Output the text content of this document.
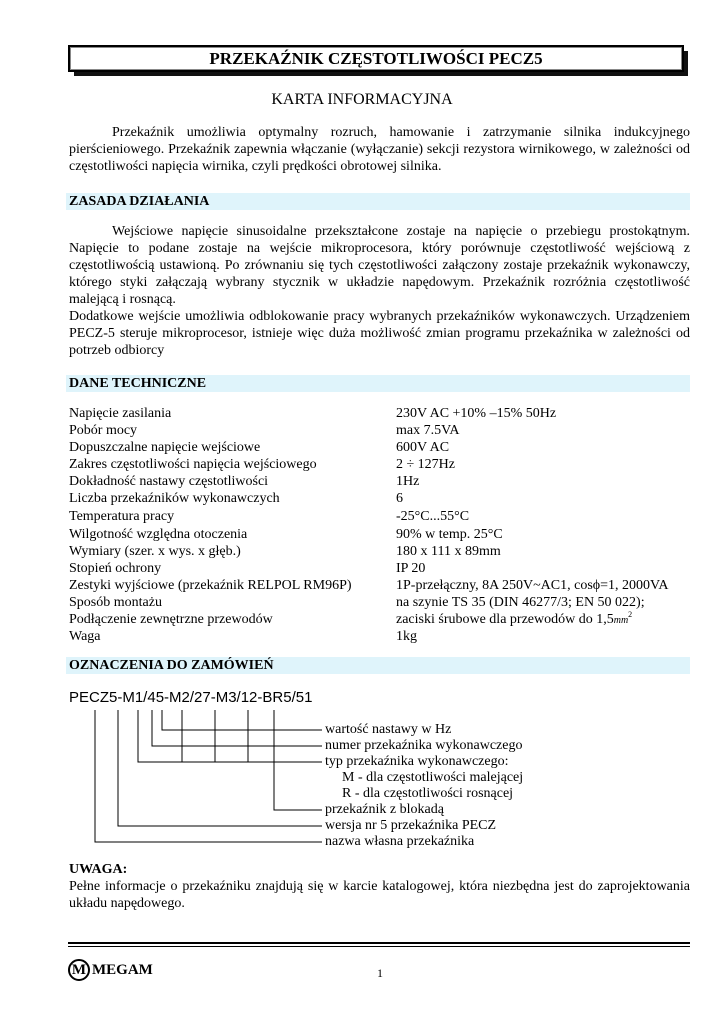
PRZEKAŹNIK CZĘSTOTLIWOŚCI PECZ5
KARTA INFORMACYJNA

Przekaźnik umożliwia optymalny rozruch, hamowanie i zatrzymanie silnika indukcyjnego pierścieniowego. Przekaźnik zapewnia włączanie (wyłączanie) sekcji rezystora wirnikowego, w zależności od częstotliwości napięcia wirnika, czyli prędkości obrotowej silnika.

ZASADA DZIAŁANIA

Wejściowe napięcie sinusoidalne przekształcone zostaje na napięcie o przebiegu prostokątnym. Napięcie to podane zostaje na wejście mikroprocesora, który porównuje częstotliwość wejściową z częstotliwością ustawioną. Po zrównaniu się tych częstotliwości załączony zostaje przekaźnik wykonawczy, którego styki załączają wybrany stycznik w układzie napędowym. Przekaźnik rozróżnia częstotliwość malejącą i rosnącą.

Dodatkowe wejście umożliwia odblokowanie pracy wybranych przekaźników wykonawczych. Urządzeniem PECZ-5 steruje mikroprocesor, istnieje więc duża możliwość zmian programu przekaźnika w zależności od potrzeb odbiorcy

DANE TECHNICZNE
Napięcie zasilania	230V AC +10% –15% 50Hz
Pobór mocy	max 7.5VA
Dopuszczalne napięcie wejściowe	600V AC
Zakres częstotliwości napięcia wejściowego	2 ÷ 127Hz
Dokładność nastawy częstotliwości	1Hz
Liczba przekaźników wykonawczych	6
Temperatura pracy	-25°C...55°C
Wilgotność względna otoczenia	90% w temp. 25°C
Wymiary (szer. x wys. x głęb.)	180 x 111 x 89mm
Stopień ochrony	IP 20
Zestyki wyjściowe (przekaźnik RELPOL RM96P)	1P-przełączny, 8A 250V~AC1, cosϕ=1, 2000VA
Sposób montażu	na szynie TS 35 (DIN 46277/3; EN 50 022);
Podłączenie zewnętrzne przewodów	zaciski śrubowe dla przewodów do $1,5mm^2$
Waga	1kg
OZNACZENIA DO ZAMÓWIEŃ
PECZ5-M1/45-M2/27-M3/12-BR5/51
wartość nastawy w Hz
numer przekaźnika wykonawczego
typ przekaźnika wykonawczego:
M - dla częstotliwości malejącej
R - dla częstotliwości rosnącej
przekaźnik z blokadą
wersja nr 5 przekaźnika PECZ
nazwa własna przekaźnika

UWAGA:

Pełne informacje o przekaźniku znajdują się w karcie katalogowej, która niezbędna jest do zaprojektowania układu napędowego.

M MEGAM	1
